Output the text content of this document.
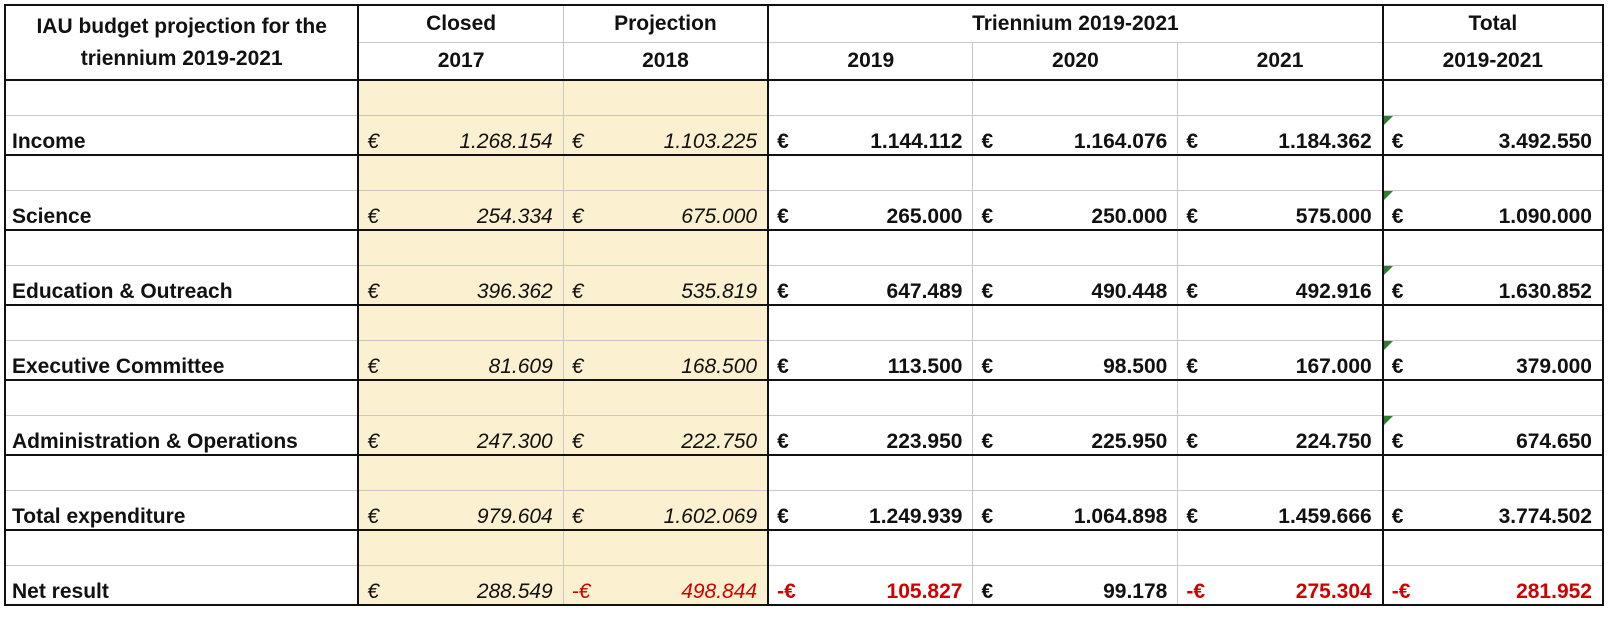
IAU budget projection for the triennium 2019-2021	Closed	Projection	Triennium 2019-2021			Total
	2017	2018	2019	2020	2021	2019-2021

Income	€ 1.268.154	€ 1.103.225	€ 1.144.112	€ 1.164.076	€ 1.184.362	€ 3.492.550

Science	€ 254.334	€ 675.000	€ 265.000	€ 250.000	€ 575.000	€ 1.090.000

Education & Outreach	€ 396.362	€ 535.819	€ 647.489	€ 490.448	€ 492.916	€ 1.630.852

Executive Committee	€ 81.609	€ 168.500	€ 113.500	€ 98.500	€ 167.000	€ 379.000

Administration & Operations	€ 247.300	€ 222.750	€ 223.950	€ 225.950	€ 224.750	€ 674.650

Total expenditure	€ 979.604	€ 1.602.069	€ 1.249.939	€ 1.064.898	€ 1.459.666	€ 3.774.502

Net result	€ 288.549	-€ 498.844	-€ 105.827	€ 99.178	-€ 275.304	-€ 281.952
